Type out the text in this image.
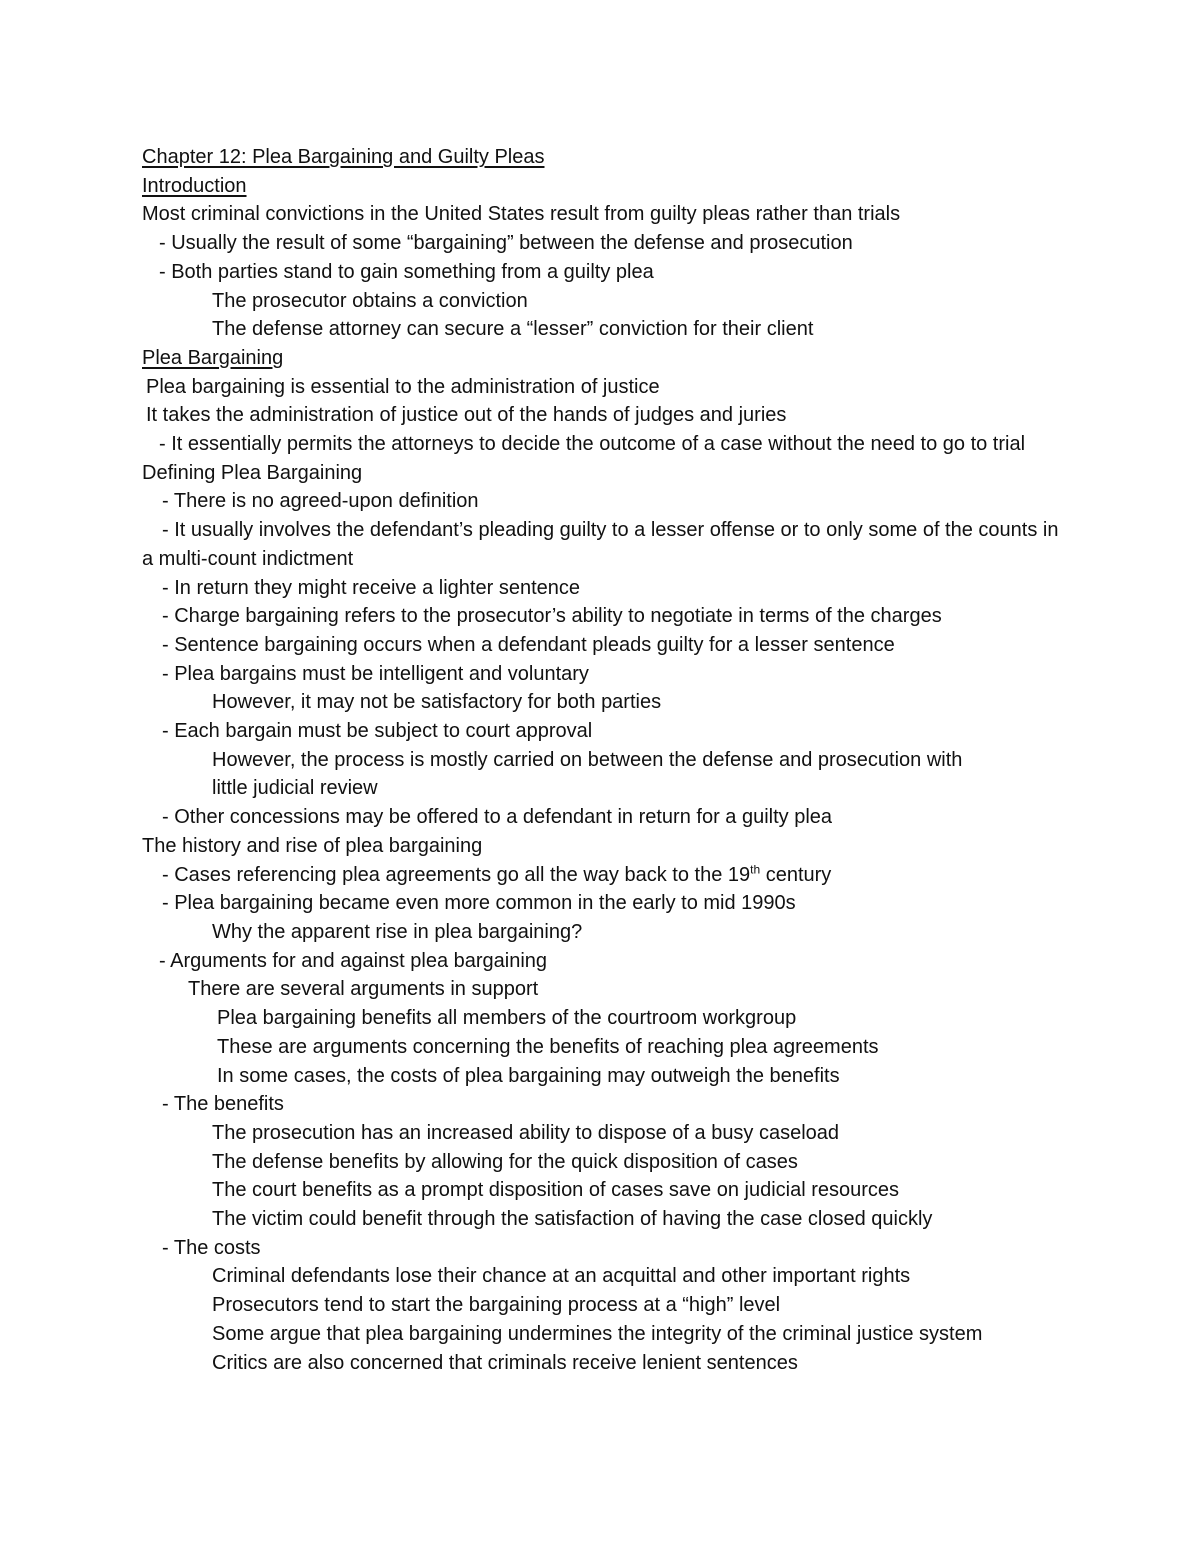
Chapter 12: Plea Bargaining and Guilty Pleas
Introduction
Most criminal convictions in the United States result from guilty pleas rather than trials
- Usually the result of some “bargaining” between the defense and prosecution
- Both parties stand to gain something from a guilty plea
The prosecutor obtains a conviction
The defense attorney can secure a “lesser” conviction for their client
Plea Bargaining
Plea bargaining is essential to the administration of justice
It takes the administration of justice out of the hands of judges and juries
- It essentially permits the attorneys to decide the outcome of a case without the need to go to trial
Defining Plea Bargaining
- There is no agreed-upon definition
- It usually involves the defendant’s pleading guilty to a lesser offense or to only some of the counts in a multi-count indictment
- In return they might receive a lighter sentence
- Charge bargaining refers to the prosecutor’s ability to negotiate in terms of the charges
- Sentence bargaining occurs when a defendant pleads guilty for a lesser sentence
- Plea bargains must be intelligent and voluntary
However, it may not be satisfactory for both parties
- Each bargain must be subject to court approval
However, the process is mostly carried on between the defense and prosecution with
little judicial review
- Other concessions may be offered to a defendant in return for a guilty plea
The history and rise of plea bargaining
- Cases referencing plea agreements go all the way back to the 19th century
- Plea bargaining became even more common in the early to mid 1990s
Why the apparent rise in plea bargaining?
- Arguments for and against plea bargaining
There are several arguments in support
Plea bargaining benefits all members of the courtroom workgroup
These are arguments concerning the benefits of reaching plea agreements
In some cases, the costs of plea bargaining may outweigh the benefits
- The benefits
The prosecution has an increased ability to dispose of a busy caseload
The defense benefits by allowing for the quick disposition of cases
The court benefits as a prompt disposition of cases save on judicial resources
The victim could benefit through the satisfaction of having the case closed quickly
- The costs
Criminal defendants lose their chance at an acquittal and other important rights
Prosecutors tend to start the bargaining process at a “high” level
Some argue that plea bargaining undermines the integrity of the criminal justice system
Critics are also concerned that criminals receive lenient sentences
